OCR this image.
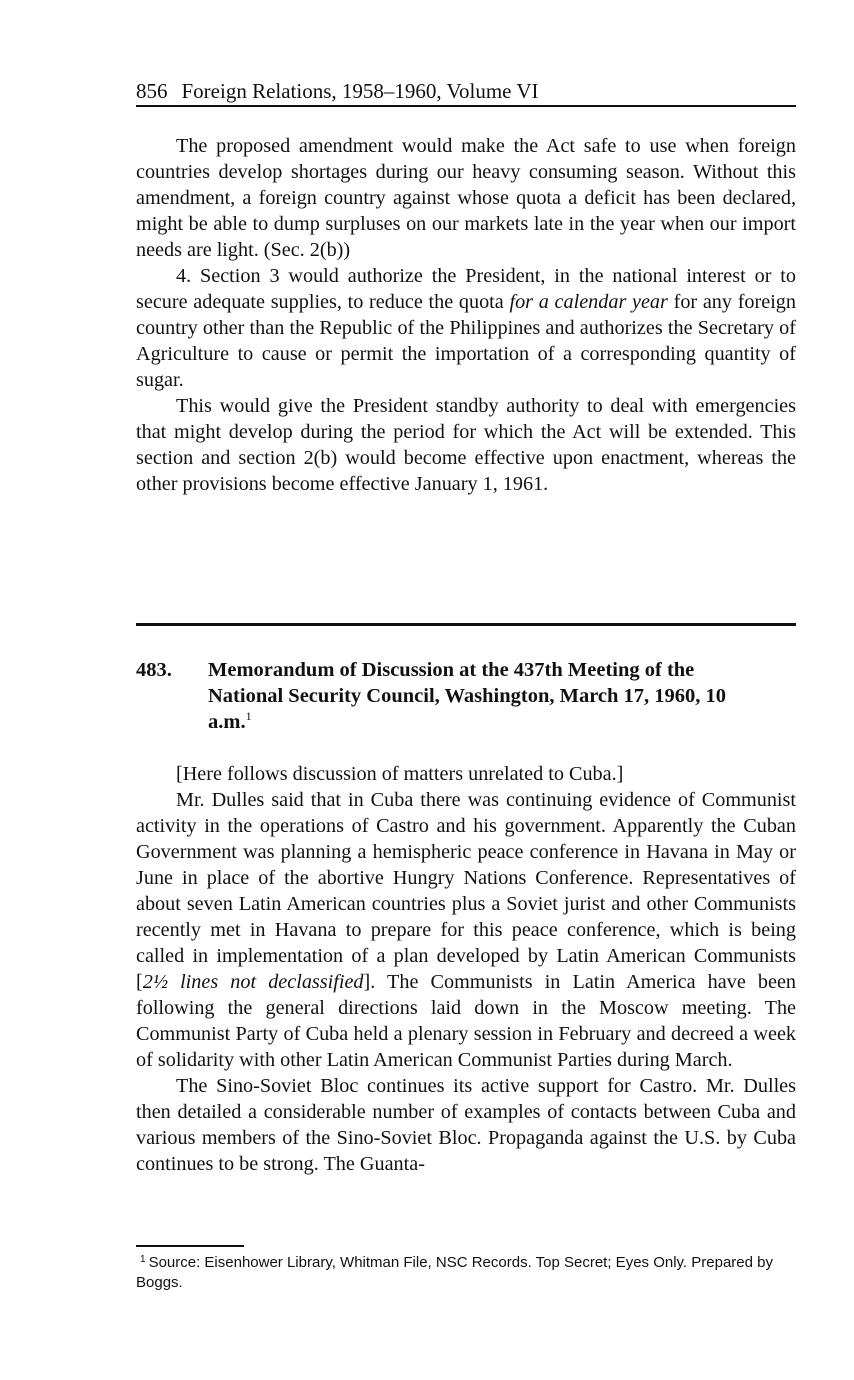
856 Foreign Relations, 1958–1960, Volume VI

The proposed amendment would make the Act safe to use when foreign countries develop shortages during our heavy consuming season. Without this amendment, a foreign country against whose quota a deficit has been declared, might be able to dump surpluses on our markets late in the year when our import needs are light. (Sec. 2(b))

4. Section 3 would authorize the President, in the national interest or to secure adequate supplies, to reduce the quota for a calendar year for any foreign country other than the Republic of the Philippines and authorizes the Secretary of Agriculture to cause or permit the importation of a corresponding quantity of sugar.

This would give the President standby authority to deal with emergencies that might develop during the period for which the Act will be extended. This section and section 2(b) would become effective upon enactment, whereas the other provisions become effective January 1, 1961.

483. Memorandum of Discussion at the 437th Meeting of the National Security Council, Washington, March 17, 1960, 10 a.m.$^1$

[Here follows discussion of matters unrelated to Cuba.]

Mr. Dulles said that in Cuba there was continuing evidence of Communist activity in the operations of Castro and his government. Apparently the Cuban Government was planning a hemispheric peace conference in Havana in May or June in place of the abortive Hungry Nations Conference. Representatives of about seven Latin American countries plus a Soviet jurist and other Communists recently met in Havana to prepare for this peace conference, which is being called in implementation of a plan developed by Latin American Communists [2½ lines not declassified]. The Communists in Latin America have been following the general directions laid down in the Moscow meeting. The Communist Party of Cuba held a plenary session in February and decreed a week of solidarity with other Latin American Communist Parties during March.

The Sino-Soviet Bloc continues its active support for Castro. Mr. Dulles then detailed a considerable number of examples of contacts between Cuba and various members of the Sino-Soviet Bloc. Propaganda against the U.S. by Cuba continues to be strong. The Guanta-

$^1$ Source: Eisenhower Library, Whitman File, NSC Records. Top Secret; Eyes Only. Prepared by Boggs.
